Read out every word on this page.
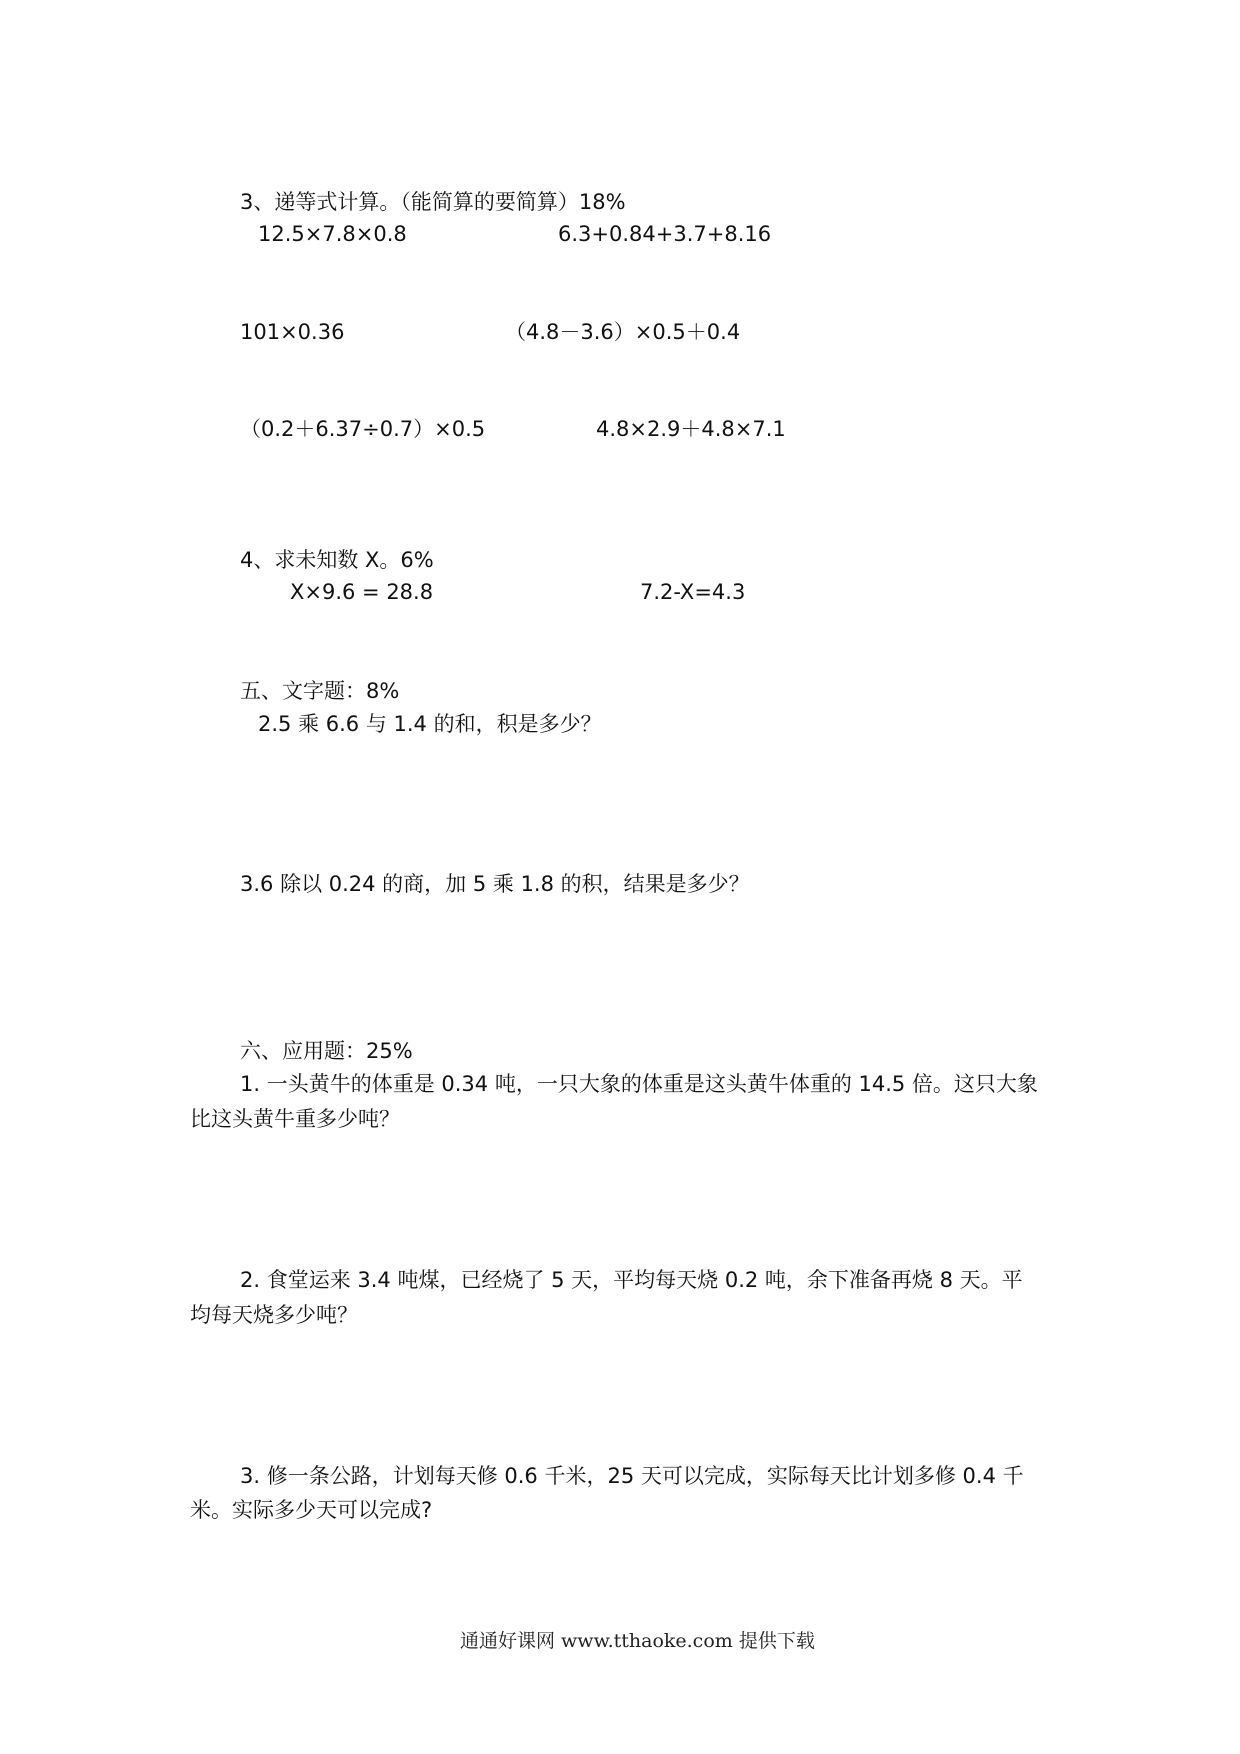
3、递等式计算。（能简算的要简算）18%
12.5×7.8×0.8	6.3+0.84+3.7+8.16
101×0.36	（4.8－3.6）×0.5＋0.4
（0.2＋6.37÷0.7）×0.5	4.8×2.9＋4.8×7.1
4、求未知数 X。6%
X×9.6 = 28.8	7.2-X=4.3
五、文字题：8%
2.5 乘 6.6 与 1.4 的和，积是多少？
3.6 除以 0.24 的商，加 5 乘 1.8 的积，结果是多少？
六、应用题：25%
1. 一头黄牛的体重是 0.34 吨，一只大象的体重是这头黄牛体重的 14.5 倍。这只大象
比这头黄牛重多少吨？
2. 食堂运来 3.4 吨煤，已经烧了 5 天，平均每天烧 0.2 吨，余下准备再烧 8 天。平
均每天烧多少吨？
3. 修一条公路，计划每天修 0.6 千米，25 天可以完成，实际每天比计划多修 0.4 千
米。实际多少天可以完成?
通通好课网 www.tthaoke.com 提供下载
